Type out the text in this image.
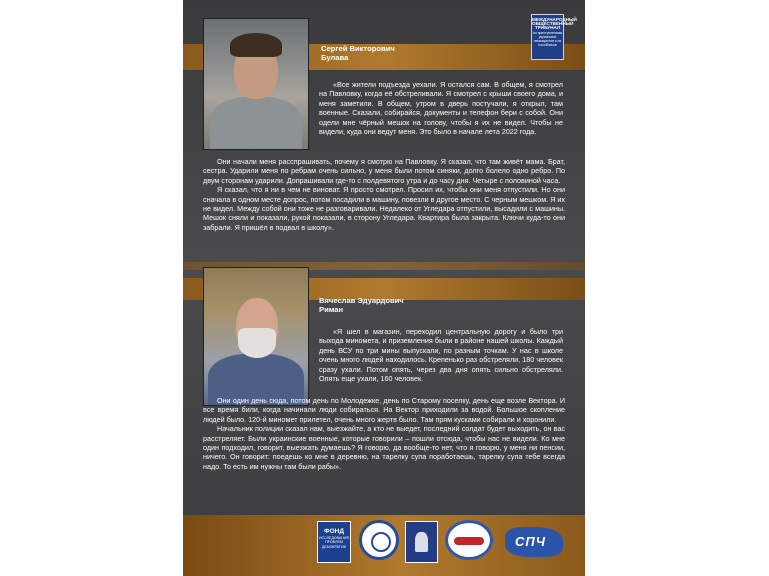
МЕЖДУНАРОДНЫЙ ОБЩЕСТВЕННЫЙ ТРИБУНАЛ
по преступлениям украинских неонацистов и их пособников
Сергей Викторович
Булава

«Все жители подъезда уехали. Я остался сам. В общем, я смотрел на Павловку, когда её обстреливали. Я смотрел с крыши своего дома, и меня заметили. В общем, утром в дверь постучали, я открыл, там военные. Сказали, собирайся, документы и телефон бери с собой. Они одели мне чёрный мешок на голову, чтобы я их не видел. Чтобы не видели, куда они ведут меня. Это было в начале лета 2022 года.

Они начали меня расспрашивать, почему я смотрю на Павловку. Я сказал, что там живёт мама. Брат, сестра. Ударили меня по ребрам очень сильно, у меня были потом синяки, долго болело одно ребро. По двум сторонам ударили. Допрашивали где-то с полдевятого утра и до часу дня. Четыре с половиной часа.

Я сказал, что я ни в чем не виноват. Я просто смотрел. Просил их, чтобы они меня отпустили. Но они сначала в одном месте допрос, потом посадили в машину, повезли в другое место. С черным мешком. Я их не видел. Между собой они тоже не разговаривали. Недалеко от Угледара отпустили, высадили с машины. Мешок сняли и показали, рукой показали, в сторону Угледара. Квартира была закрыта. Ключи куда-то они забрали. Я пришёл в подвал в школу».

Вячеслав Эдуардович
Риман

«Я шел в магазин, переходил центральную дорогу и было три выхода миномета, и приземления были в районе нашей школы. Каждый день ВСУ по три мины выпускали, по разным точкам. У нас в школе очень много людей находилось. Крепенько раз обстреляли, 180 человек сразу ухали. Потом опять, через два дня опять сильно обстреляли. Опять еще ухали, 160 человек.

Они один день сюда, потом день по Молодежке, день по Старому поселку, день еще возле Вектора. И все время били, когда начинали люди собираться. На Вектор приходили за водой. Большое скопление людей было. 120-й миномет прилетел, очень много жертв было. Там прям кусками собирали и хоронили.

Начальник полиции сказал нам, выезжайте, а кто не выедет, последний солдат будет выходить, он вас расстреляет. Были украинские военные, которые говорили – пошли отсюда, чтобы нас не видели. Ко мне один подходил, говорит, выезжать думаешь? Я говорю, да вообще-то нет, что я говорю, у меня ни пенсии, ничего. Он говорит: поедешь ко мне в деревню, на тарелку супа поработаешь, тарелку супа тебе всегда надо. То есть им нужны там были рабы».

ФОНД
ИССЛЕДОВАНИЯ ПРОБЛЕМ ДЕМОКРАТИИ	СПЧ
